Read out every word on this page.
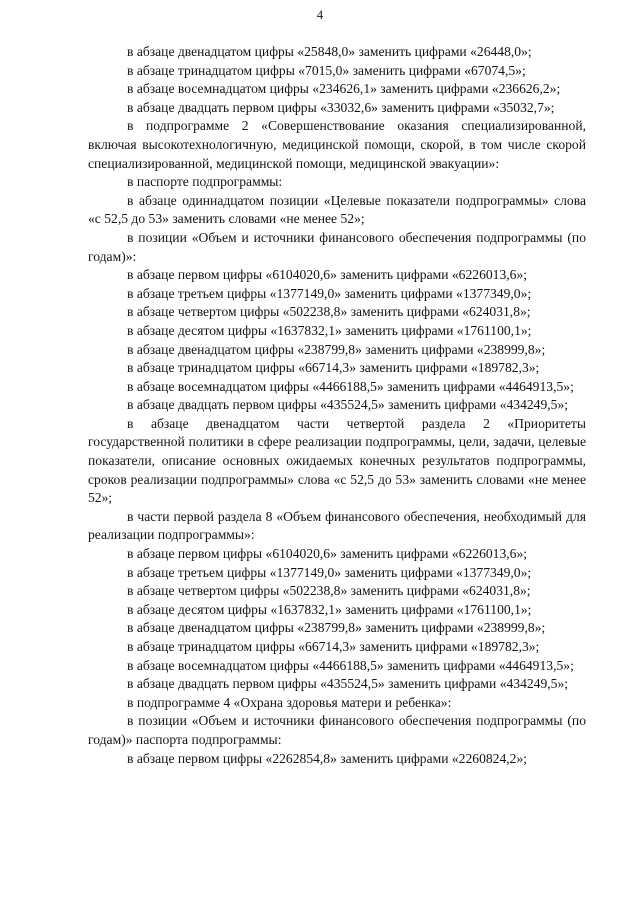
4

в абзаце двенадцатом цифры «25848,0» заменить цифрами «26448,0»;

в абзаце тринадцатом цифры «7015,0» заменить цифрами «67074,5»;

в абзаце восемнадцатом цифры «234626,1» заменить цифрами «236626,2»;

в абзаце двадцать первом цифры «33032,6» заменить цифрами «35032,7»;

в подпрограмме 2 «Совершенствование оказания специализированной, включая высокотехнологичную, медицинской помощи, скорой, в том числе скорой специализированной, медицинской помощи, медицинской эвакуации»:

в паспорте подпрограммы:

в абзаце одиннадцатом позиции «Целевые показатели подпрограммы» слова «с 52,5 до 53» заменить словами «не менее 52»;

в позиции «Объем и источники финансового обеспечения подпрограммы (по годам)»:

в абзаце первом цифры «6104020,6» заменить цифрами «6226013,6»;

в абзаце третьем цифры «1377149,0» заменить цифрами «1377349,0»;

в абзаце четвертом цифры «502238,8» заменить цифрами «624031,8»;

в абзаце десятом цифры «1637832,1» заменить цифрами «1761100,1»;

в абзаце двенадцатом цифры «238799,8» заменить цифрами «238999,8»;

в абзаце тринадцатом цифры «66714,3» заменить цифрами «189782,3»;

в абзаце восемнадцатом цифры «4466188,5» заменить цифрами «4464913,5»;

в абзаце двадцать первом цифры «435524,5» заменить цифрами «434249,5»;

в абзаце двенадцатом части четвертой раздела 2 «Приоритеты государственной политики в сфере реализации подпрограммы, цели, задачи, целевые показатели, описание основных ожидаемых конечных результатов подпрограммы, сроков реализации подпрограммы» слова «с 52,5 до 53» заменить словами «не менее 52»;

в части первой раздела 8 «Объем финансового обеспечения, необходимый для реализации подпрограммы»:

в абзаце первом цифры «6104020,6» заменить цифрами «6226013,6»;

в абзаце третьем цифры «1377149,0» заменить цифрами «1377349,0»;

в абзаце четвертом цифры «502238,8» заменить цифрами «624031,8»;

в абзаце десятом цифры «1637832,1» заменить цифрами «1761100,1»;

в абзаце двенадцатом цифры «238799,8» заменить цифрами «238999,8»;

в абзаце тринадцатом цифры «66714,3» заменить цифрами «189782,3»;

в абзаце восемнадцатом цифры «4466188,5» заменить цифрами «4464913,5»;

в абзаце двадцать первом цифры «435524,5» заменить цифрами «434249,5»;

в подпрограмме 4 «Охрана здоровья матери и ребенка»:

в позиции «Объем и источники финансового обеспечения подпрограммы (по годам)» паспорта подпрограммы:

в абзаце первом цифры «2262854,8» заменить цифрами «2260824,2»;
